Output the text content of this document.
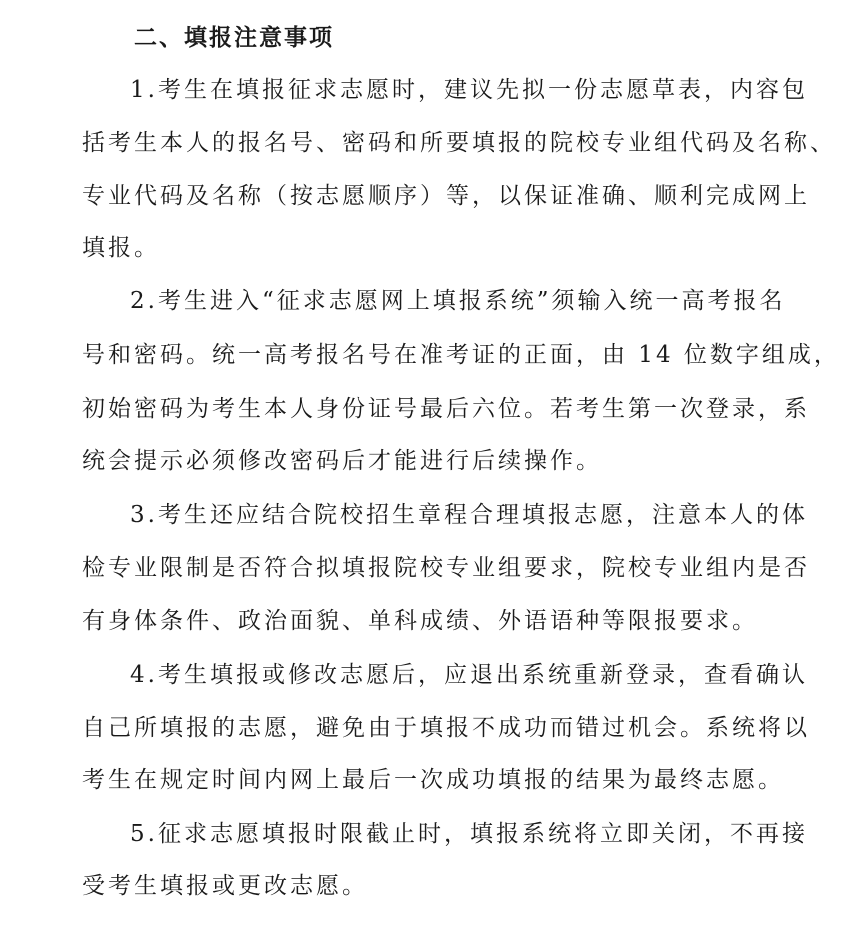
二、填报注意事项
1.考生在填报征求志愿时，建议先拟一份志愿草表，内容包
括考生本人的报名号、密码和所要填报的院校专业组代码及名称、
专业代码及名称（按志愿顺序）等，以保证准确、顺利完成网上
填报。
2.考生进入“征求志愿网上填报系统”须输入统一高考报名
号和密码。统一高考报名号在准考证的正面，由 14 位数字组成，
初始密码为考生本人身份证号最后六位。若考生第一次登录，系
统会提示必须修改密码后才能进行后续操作。
3.考生还应结合院校招生章程合理填报志愿，注意本人的体
检专业限制是否符合拟填报院校专业组要求，院校专业组内是否
有身体条件、政治面貌、单科成绩、外语语种等限报要求。
4.考生填报或修改志愿后，应退出系统重新登录，查看确认
自己所填报的志愿，避免由于填报不成功而错过机会。系统将以
考生在规定时间内网上最后一次成功填报的结果为最终志愿。
5.征求志愿填报时限截止时，填报系统将立即关闭，不再接
受考生填报或更改志愿。
